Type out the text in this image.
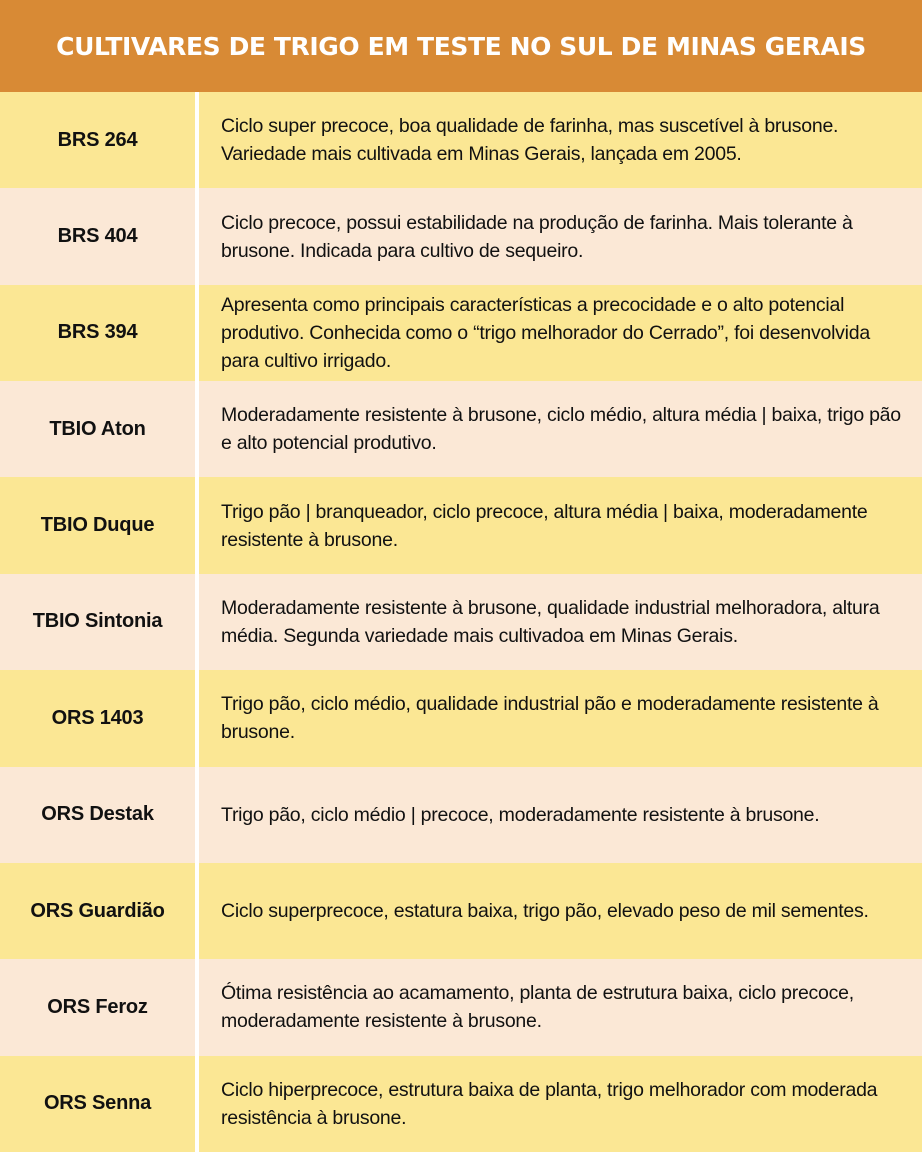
CULTIVARES DE TRIGO EM TESTE NO SUL DE MINAS GERAIS
BRS 264
Ciclo super precoce, boa qualidade de farinha, mas suscetível à brusone. Variedade mais cultivada em Minas Gerais, lançada em 2005.
BRS 404
Ciclo precoce, possui estabilidade na produção de farinha. Mais tolerante à brusone. Indicada para cultivo de sequeiro.
BRS 394
Apresenta como principais características a precocidade e o alto potencial produtivo. Conhecida como o “trigo melhorador do Cerrado”, foi desenvolvida para cultivo irrigado.
TBIO Aton
Moderadamente resistente à brusone, ciclo médio, altura média | baixa, trigo pão e alto potencial produtivo.
TBIO Duque
Trigo pão | branqueador, ciclo precoce, altura média | baixa, moderadamente resistente à brusone.
TBIO Sintonia
Moderadamente resistente à brusone, qualidade industrial melhoradora, altura média. Segunda variedade mais cultivadoa em Minas Gerais.
ORS 1403
Trigo pão, ciclo médio, qualidade industrial pão e moderadamente resistente à brusone.
ORS Destak	Trigo pão, ciclo médio | precoce, moderadamente resistente à brusone.
ORS Guardião	Ciclo superprecoce, estatura baixa, trigo pão, elevado peso de mil sementes.
ORS Feroz
Ótima resistência ao acamamento, planta de estrutura baixa, ciclo precoce, moderadamente resistente à brusone.
ORS Senna
Ciclo hiperprecoce, estrutura baixa de planta, trigo melhorador com moderada resistência à brusone.
